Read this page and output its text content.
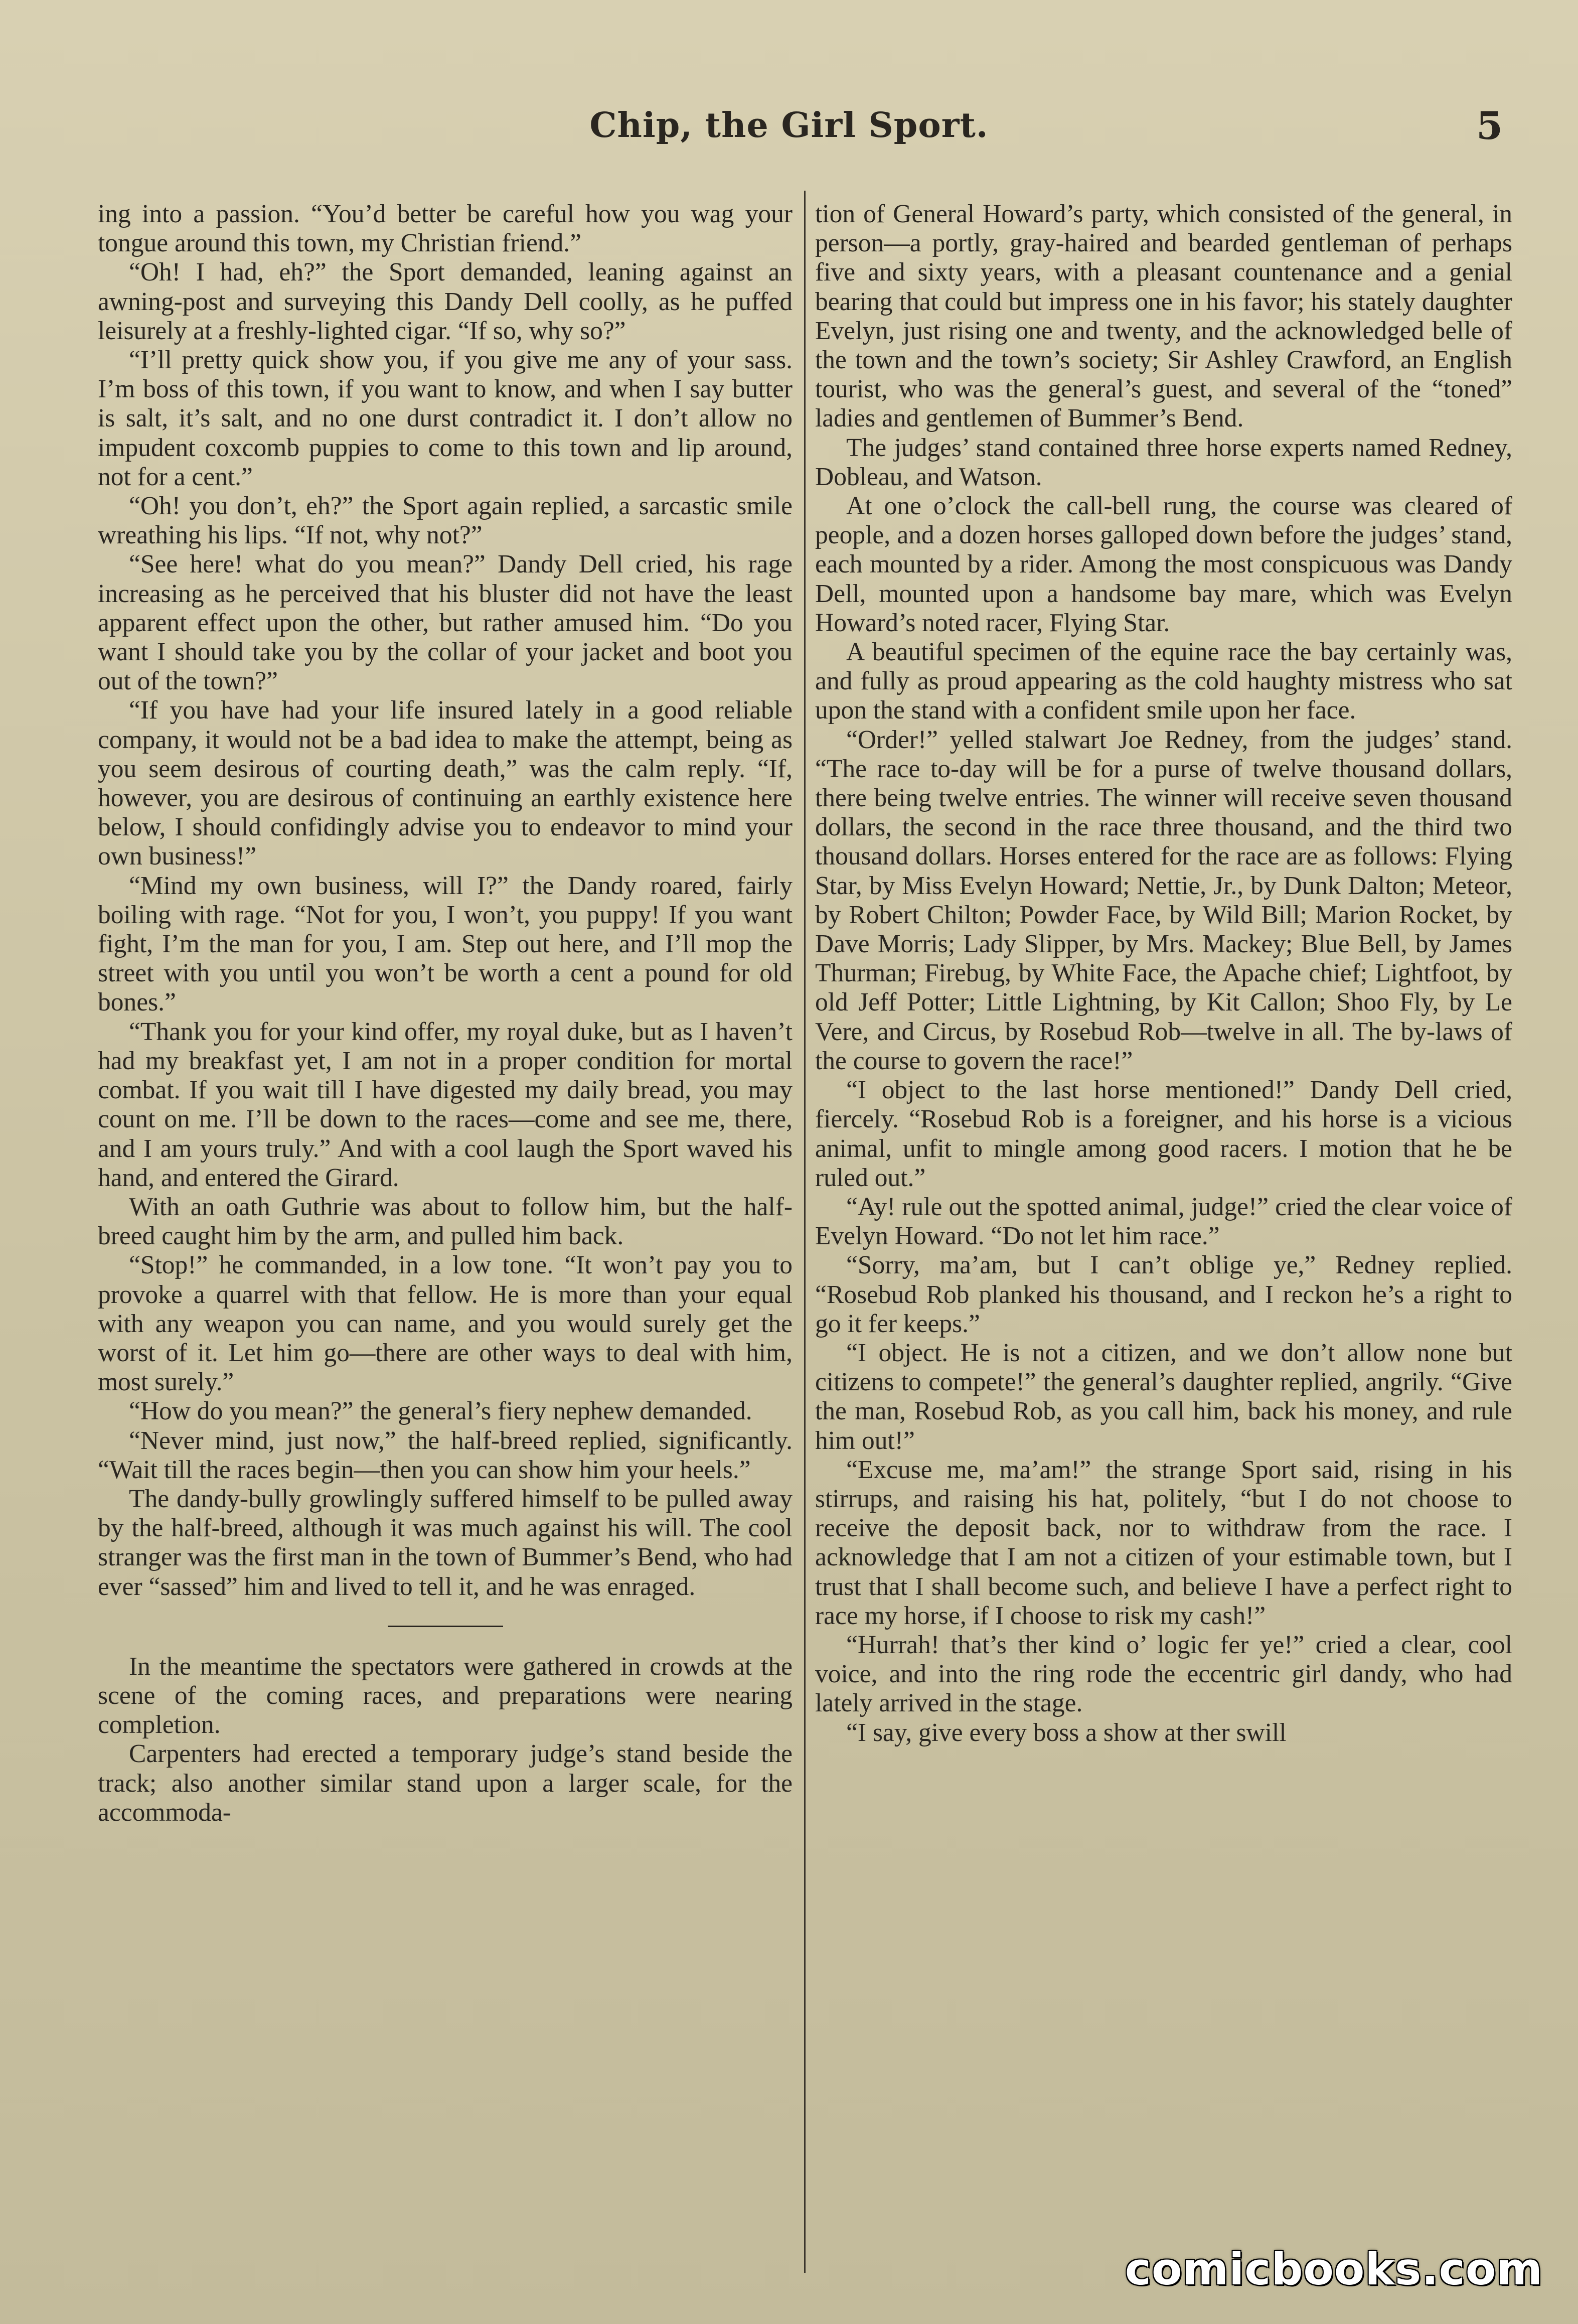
Chip, the Girl Sport.	5

ing into a passion. “You’d better be careful how you wag your tongue around this town, my Christian friend.”

“Oh! I had, eh?” the Sport demanded, leaning against an awning-post and surveying this Dandy Dell coolly, as he puffed leisurely at a freshly-lighted cigar. “If so, why so?”

“I’ll pretty quick show you, if you give me any of your sass. I’m boss of this town, if you want to know, and when I say butter is salt, it’s salt, and no one durst contradict it. I don’t allow no impudent coxcomb puppies to come to this town and lip around, not for a cent.”

“Oh! you don’t, eh?” the Sport again replied, a sarcastic smile wreathing his lips. “If not, why not?”

“See here! what do you mean?” Dandy Dell cried, his rage increasing as he perceived that his bluster did not have the least apparent effect upon the other, but rather amused him. “Do you want I should take you by the collar of your jacket and boot you out of the town?”

“If you have had your life insured lately in a good reliable company, it would not be a bad idea to make the attempt, being as you seem desirous of courting death,” was the calm reply. “If, however, you are desirous of continuing an earthly existence here below, I should confidingly advise you to endeavor to mind your own business!”

“Mind my own business, will I?” the Dandy roared, fairly boiling with rage. “Not for you, I won’t, you puppy! If you want fight, I’m the man for you, I am. Step out here, and I’ll mop the street with you until you won’t be worth a cent a pound for old bones.”

“Thank you for your kind offer, my royal duke, but as I haven’t had my breakfast yet, I am not in a proper condition for mortal combat. If you wait till I have digested my daily bread, you may count on me. I’ll be down to the races—come and see me, there, and I am yours truly.” And with a cool laugh the Sport waved his hand, and entered the Girard.

With an oath Guthrie was about to follow him, but the half-breed caught him by the arm, and pulled him back.

“Stop!” he commanded, in a low tone. “It won’t pay you to provoke a quarrel with that fellow. He is more than your equal with any weapon you can name, and you would surely get the worst of it. Let him go—there are other ways to deal with him, most surely.”

“How do you mean?” the general’s fiery nephew demanded.

“Never mind, just now,” the half-breed replied, significantly. “Wait till the races begin—then you can show him your heels.”

The dandy-bully growlingly suffered himself to be pulled away by the half-breed, although it was much against his will. The cool stranger was the first man in the town of Bummer’s Bend, who had ever “sassed” him and lived to tell it, and he was enraged.

In the meantime the spectators were gathered in crowds at the scene of the coming races, and preparations were nearing completion.

Carpenters had erected a temporary judge’s stand beside the track; also another similar stand upon a larger scale, for the accommoda-

tion of General Howard’s party, which consisted of the general, in person—a portly, gray-haired and bearded gentleman of perhaps five and sixty years, with a pleasant countenance and a genial bearing that could but impress one in his favor; his stately daughter Evelyn, just rising one and twenty, and the acknowledged belle of the town and the town’s society; Sir Ashley Crawford, an English tourist, who was the general’s guest, and several of the “toned” ladies and gentlemen of Bummer’s Bend.

The judges’ stand contained three horse experts named Redney, Dobleau, and Watson.

At one o’clock the call-bell rung, the course was cleared of people, and a dozen horses galloped down before the judges’ stand, each mounted by a rider. Among the most conspicuous was Dandy Dell, mounted upon a handsome bay mare, which was Evelyn Howard’s noted racer, Flying Star.

A beautiful specimen of the equine race the bay certainly was, and fully as proud appearing as the cold haughty mistress who sat upon the stand with a confident smile upon her face.

“Order!” yelled stalwart Joe Redney, from the judges’ stand. “The race to-day will be for a purse of twelve thousand dollars, there being twelve entries. The winner will receive seven thousand dollars, the second in the race three thousand, and the third two thousand dollars. Horses entered for the race are as follows: Flying Star, by Miss Evelyn Howard; Nettie, Jr., by Dunk Dalton; Meteor, by Robert Chilton; Powder Face, by Wild Bill; Marion Rocket, by Dave Morris; Lady Slipper, by Mrs. Mackey; Blue Bell, by James Thurman; Firebug, by White Face, the Apache chief; Lightfoot, by old Jeff Potter; Little Lightning, by Kit Callon; Shoo Fly, by Le Vere, and Circus, by Rosebud Rob—twelve in all. The by-laws of the course to govern the race!”

“I object to the last horse mentioned!” Dandy Dell cried, fiercely. “Rosebud Rob is a foreigner, and his horse is a vicious animal, unfit to mingle among good racers. I motion that he be ruled out.”

“Ay! rule out the spotted animal, judge!” cried the clear voice of Evelyn Howard. “Do not let him race.”

“Sorry, ma’am, but I can’t oblige ye,” Redney replied. “Rosebud Rob planked his thousand, and I reckon he’s a right to go it fer keeps.”

“I object. He is not a citizen, and we don’t allow none but citizens to compete!” the general’s daughter replied, angrily. “Give the man, Rosebud Rob, as you call him, back his money, and rule him out!”

“Excuse me, ma’am!” the strange Sport said, rising in his stirrups, and raising his hat, politely, “but I do not choose to receive the deposit back, nor to withdraw from the race. I acknowledge that I am not a citizen of your estimable town, but I trust that I shall become such, and believe I have a perfect right to race my horse, if I choose to risk my cash!”

“Hurrah! that’s ther kind o’ logic fer ye!” cried a clear, cool voice, and into the ring rode the eccentric girl dandy, who had lately arrived in the stage.

“I say, give every boss a show at ther swill

comicbooks.com
